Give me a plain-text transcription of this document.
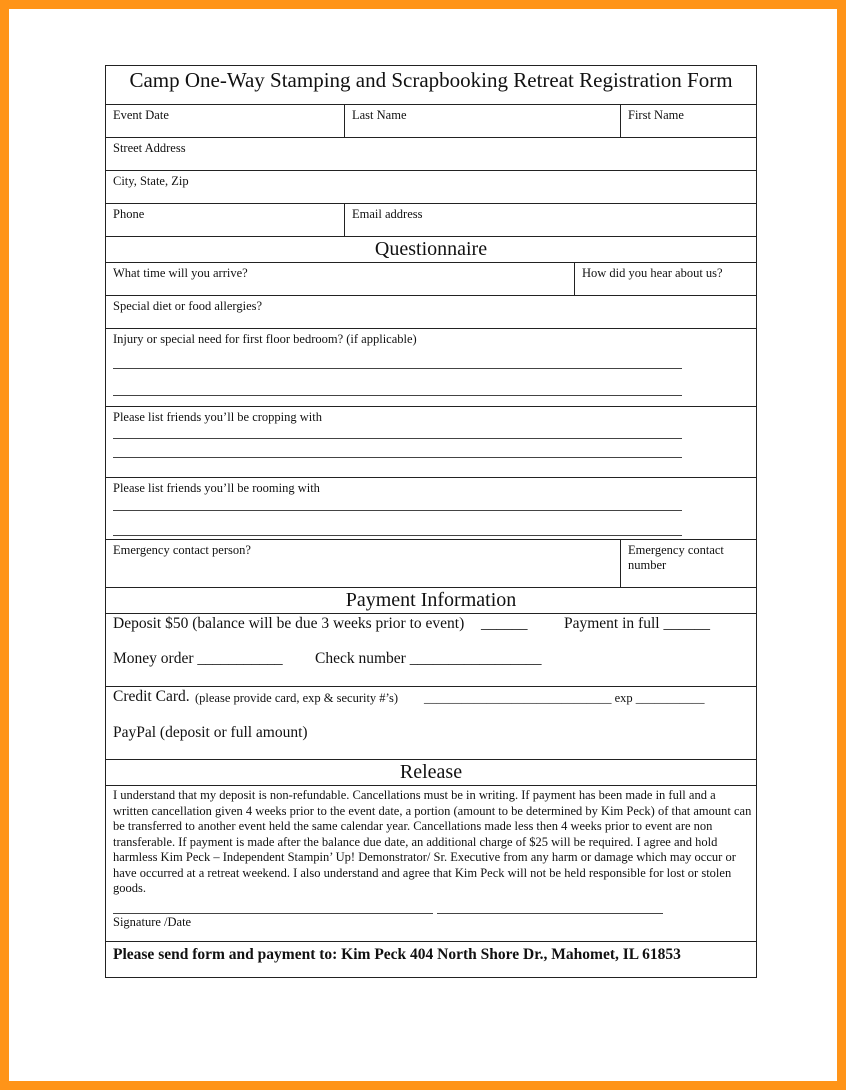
Camp One-Way Stamping and Scrapbooking Retreat Registration Form
Event Date	Last Name	First Name
Street Address
City, State, Zip
Phone	Email address
Questionnaire
What time will you arrive?	How did you hear about us?
Special diet or food allergies?
Injury or special need for first floor bedroom? (if applicable)
Please list friends you’ll be cropping with
Please list friends you’ll be rooming with
Emergency contact person?	Emergency contact number
Payment Information
Deposit $50 (balance will be due 3 weeks prior to event) ______ Payment in full ______
Money order ___________ Check number _________________
Credit Card. (please provide card, exp & security #’s) ______________________________ exp ___________
PayPal (deposit or full amount)
Release
I understand that my deposit is non-refundable. Cancellations must be in writing. If payment has been made in full and a written cancellation given 4 weeks prior to the event date, a portion (amount to be determined by Kim Peck) of that amount can be transferred to another event held the same calendar year. Cancellations made less then 4 weeks prior to event are non transferable. If payment is made after the balance due date, an additional charge of $25 will be required. I agree and hold harmless Kim Peck – Independent Stampin’ Up! Demonstrator/ Sr. Executive from any harm or damage which may occur or have occurred at a retreat weekend. I also understand and agree that Kim Peck will not be held responsible for lost or stolen goods.
Signature /Date
Please send form and payment to: Kim Peck 404 North Shore Dr., Mahomet, IL 61853
